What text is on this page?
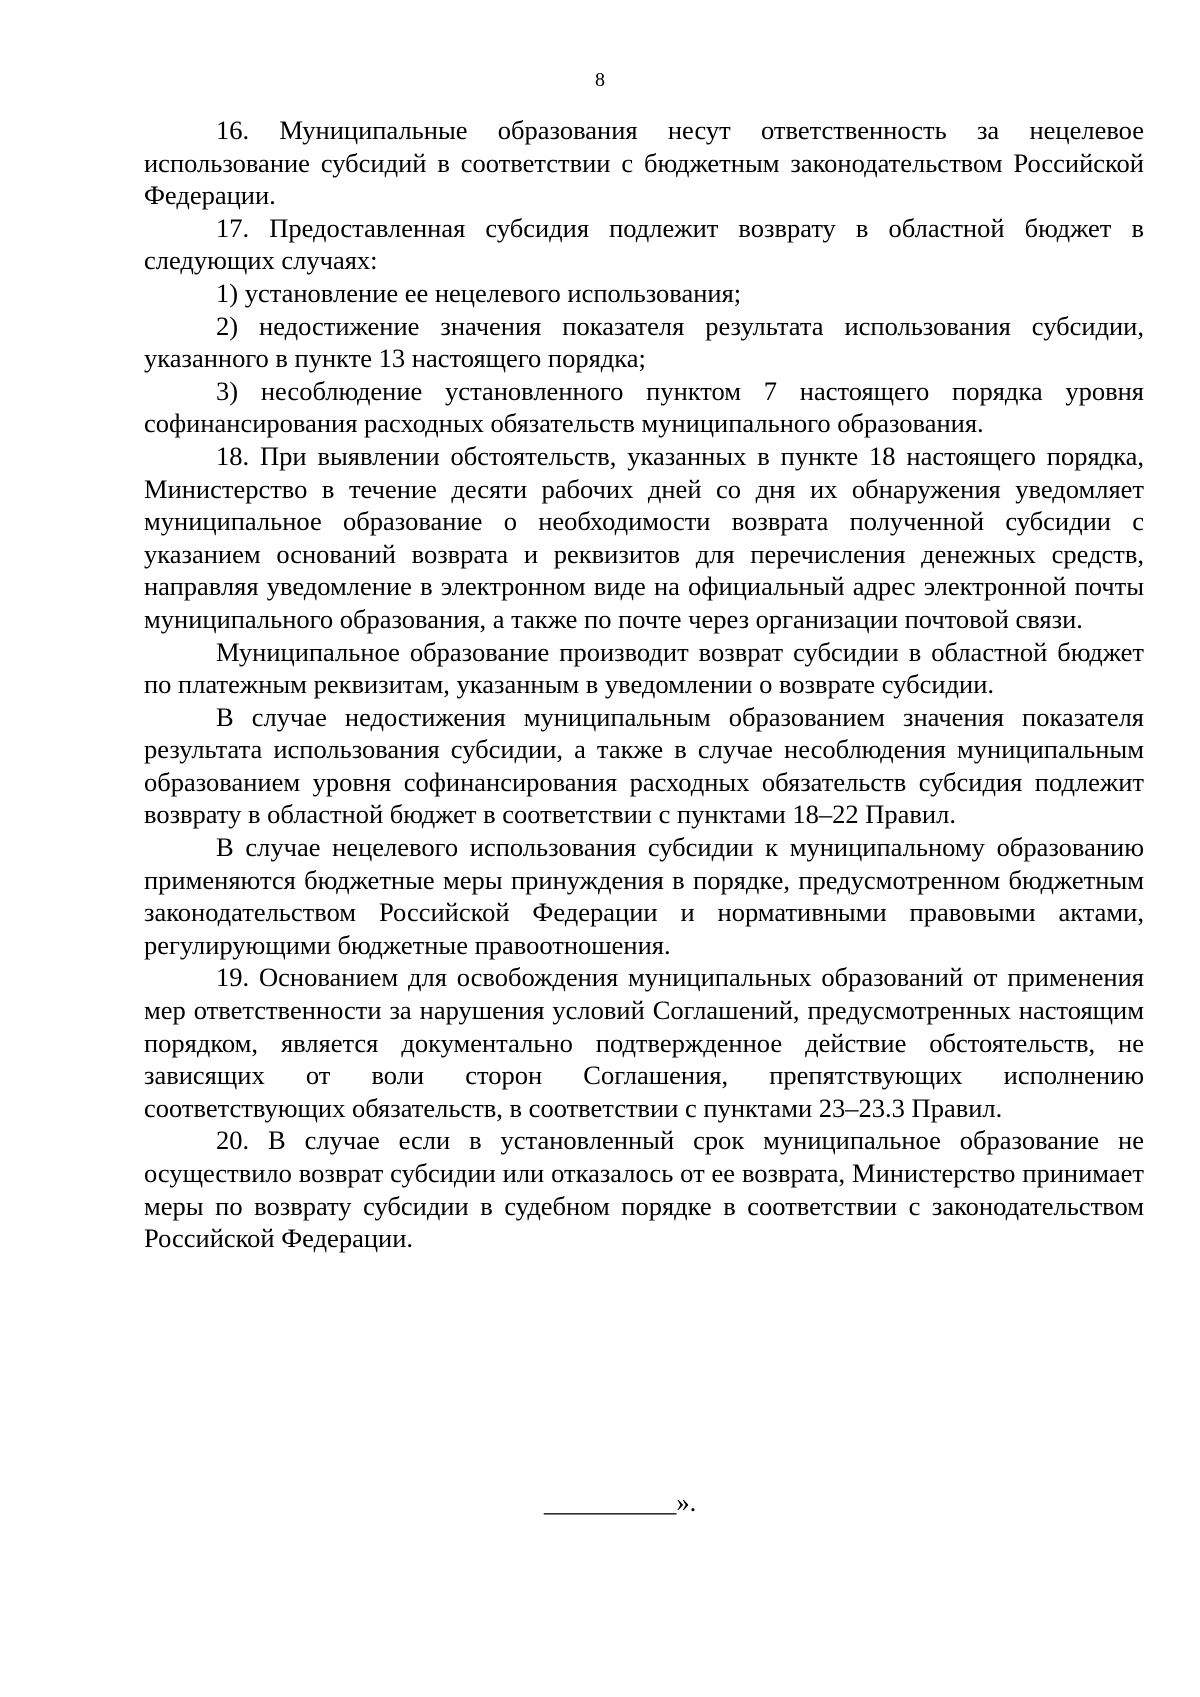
8

16. Муниципальные образования несут ответственность за нецелевое использование субсидий в соответствии с бюджетным законодательством Российской Федерации.

17. Предоставленная субсидия подлежит возврату в областной бюджет в следующих случаях:

1) установление ее нецелевого использования;

2) недостижение значения показателя результата использования субсидии, указанного в пункте 13 настоящего порядка;

3) несоблюдение установленного пунктом 7 настоящего порядка уровня софинансирования расходных обязательств муниципального образования.

18. При выявлении обстоятельств, указанных в пункте 18 настоящего порядка, Министерство в течение десяти рабочих дней со дня их обнаружения уведомляет муниципальное образование о необходимости возврата полученной субсидии с указанием оснований возврата и реквизитов для перечисления денежных средств, направляя уведомление в электронном виде на официальный адрес электронной почты муниципального образования, а также по почте через организации почтовой связи.

Муниципальное образование производит возврат субсидии в областной бюджет по платежным реквизитам, указанным в уведомлении о возврате субсидии.

В случае недостижения муниципальным образованием значения показателя результата использования субсидии, а также в случае несоблюдения муниципальным образованием уровня софинансирования расходных обязательств субсидия подлежит возврату в областной бюджет в соответствии с пунктами 18–22 Правил.

В случае нецелевого использования субсидии к муниципальному образованию применяются бюджетные меры принуждения в порядке, предусмотренном бюджетным законодательством Российской Федерации и нормативными правовыми актами, регулирующими бюджетные правоотношения.

19. Основанием для освобождения муниципальных образований от применения мер ответственности за нарушения условий Соглашений, предусмотренных настоящим порядком, является документально подтвержденное действие обстоятельств, не зависящих от воли сторон Соглашения, препятствующих исполнению соответствующих обязательств, в соответствии с пунктами 23–23.3 Правил.

20. В случае если в установленный срок муниципальное образование не осуществило возврат субсидии или отказалось от ее возврата, Министерство принимает меры по возврату субсидии в судебном порядке в соответствии с законодательством Российской Федерации.

__________».
